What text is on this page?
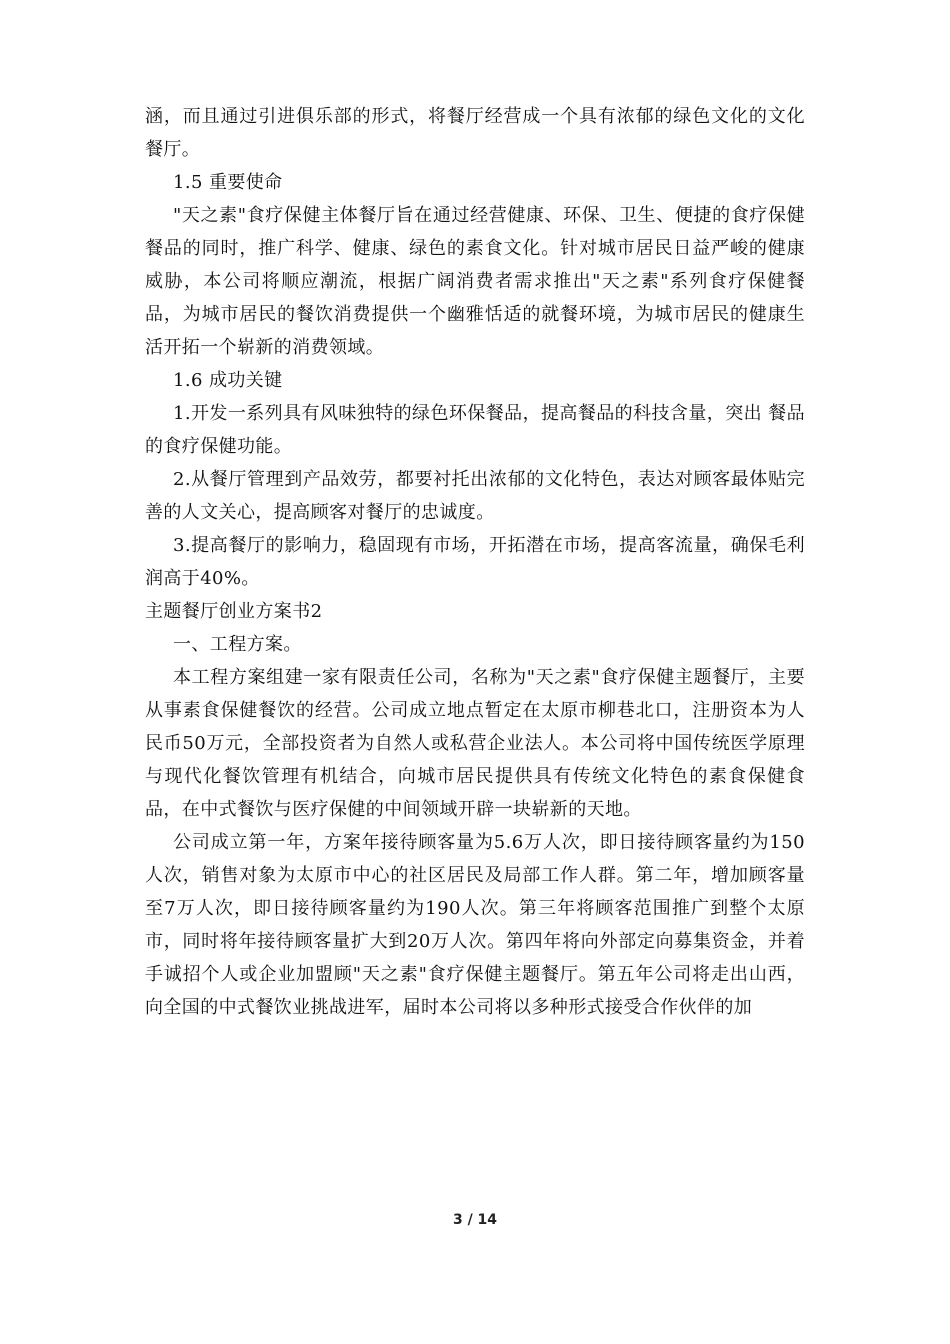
涵，而且通过引进俱乐部的形式，将餐厅经营成一个具有浓郁的绿色文化的文化餐厅。

1.5 重要使命

"天之素"食疗保健主体餐厅旨在通过经营健康、环保、卫生、便捷的食疗保健餐品的同时，推广科学、健康、绿色的素食文化。针对城市居民日益严峻的健康威胁，本公司将顺应潮流，根据广阔消费者需求推出"天之素"系列食疗保健餐品，为城市居民的餐饮消费提供一个幽雅恬适的就餐环境，为城市居民的健康生活开拓一个崭新的消费领域。

1.6 成功关键

1.开发一系列具有风味独特的绿色环保餐品，提高餐品的科技含量，突出 餐品的食疗保健功能。

2.从餐厅管理到产品效劳，都要衬托出浓郁的文化特色，表达对顾客最体贴完善的人文关心，提高顾客对餐厅的忠诚度。

3.提高餐厅的影响力，稳固现有市场，开拓潜在市场，提高客流量，确保毛利润高于40%。

主题餐厅创业方案书2

一、工程方案。

本工程方案组建一家有限责任公司，名称为"天之素"食疗保健主题餐厅，主要从事素食保健餐饮的经营。公司成立地点暂定在太原市柳巷北口，注册资本为人民币50万元，全部投资者为自然人或私营企业法人。本公司将中国传统医学原理与现代化餐饮管理有机结合，向城市居民提供具有传统文化特色的素食保健食品，在中式餐饮与医疗保健的中间领域开辟一块崭新的天地。

公司成立第一年，方案年接待顾客量为5.6万人次，即日接待顾客量约为150人次，销售对象为太原市中心的社区居民及局部工作人群。第二年，增加顾客量至7万人次，即日接待顾客量约为190人次。第三年将顾客范围推广到整个太原市，同时将年接待顾客量扩大到20万人次。第四年将向外部定向募集资金，并着手诚招个人或企业加盟顾"天之素"食疗保健主题餐厅。第五年公司将走出山西，向全国的中式餐饮业挑战进军，届时本公司将以多种形式接受合作伙伴的加

3 / 14
